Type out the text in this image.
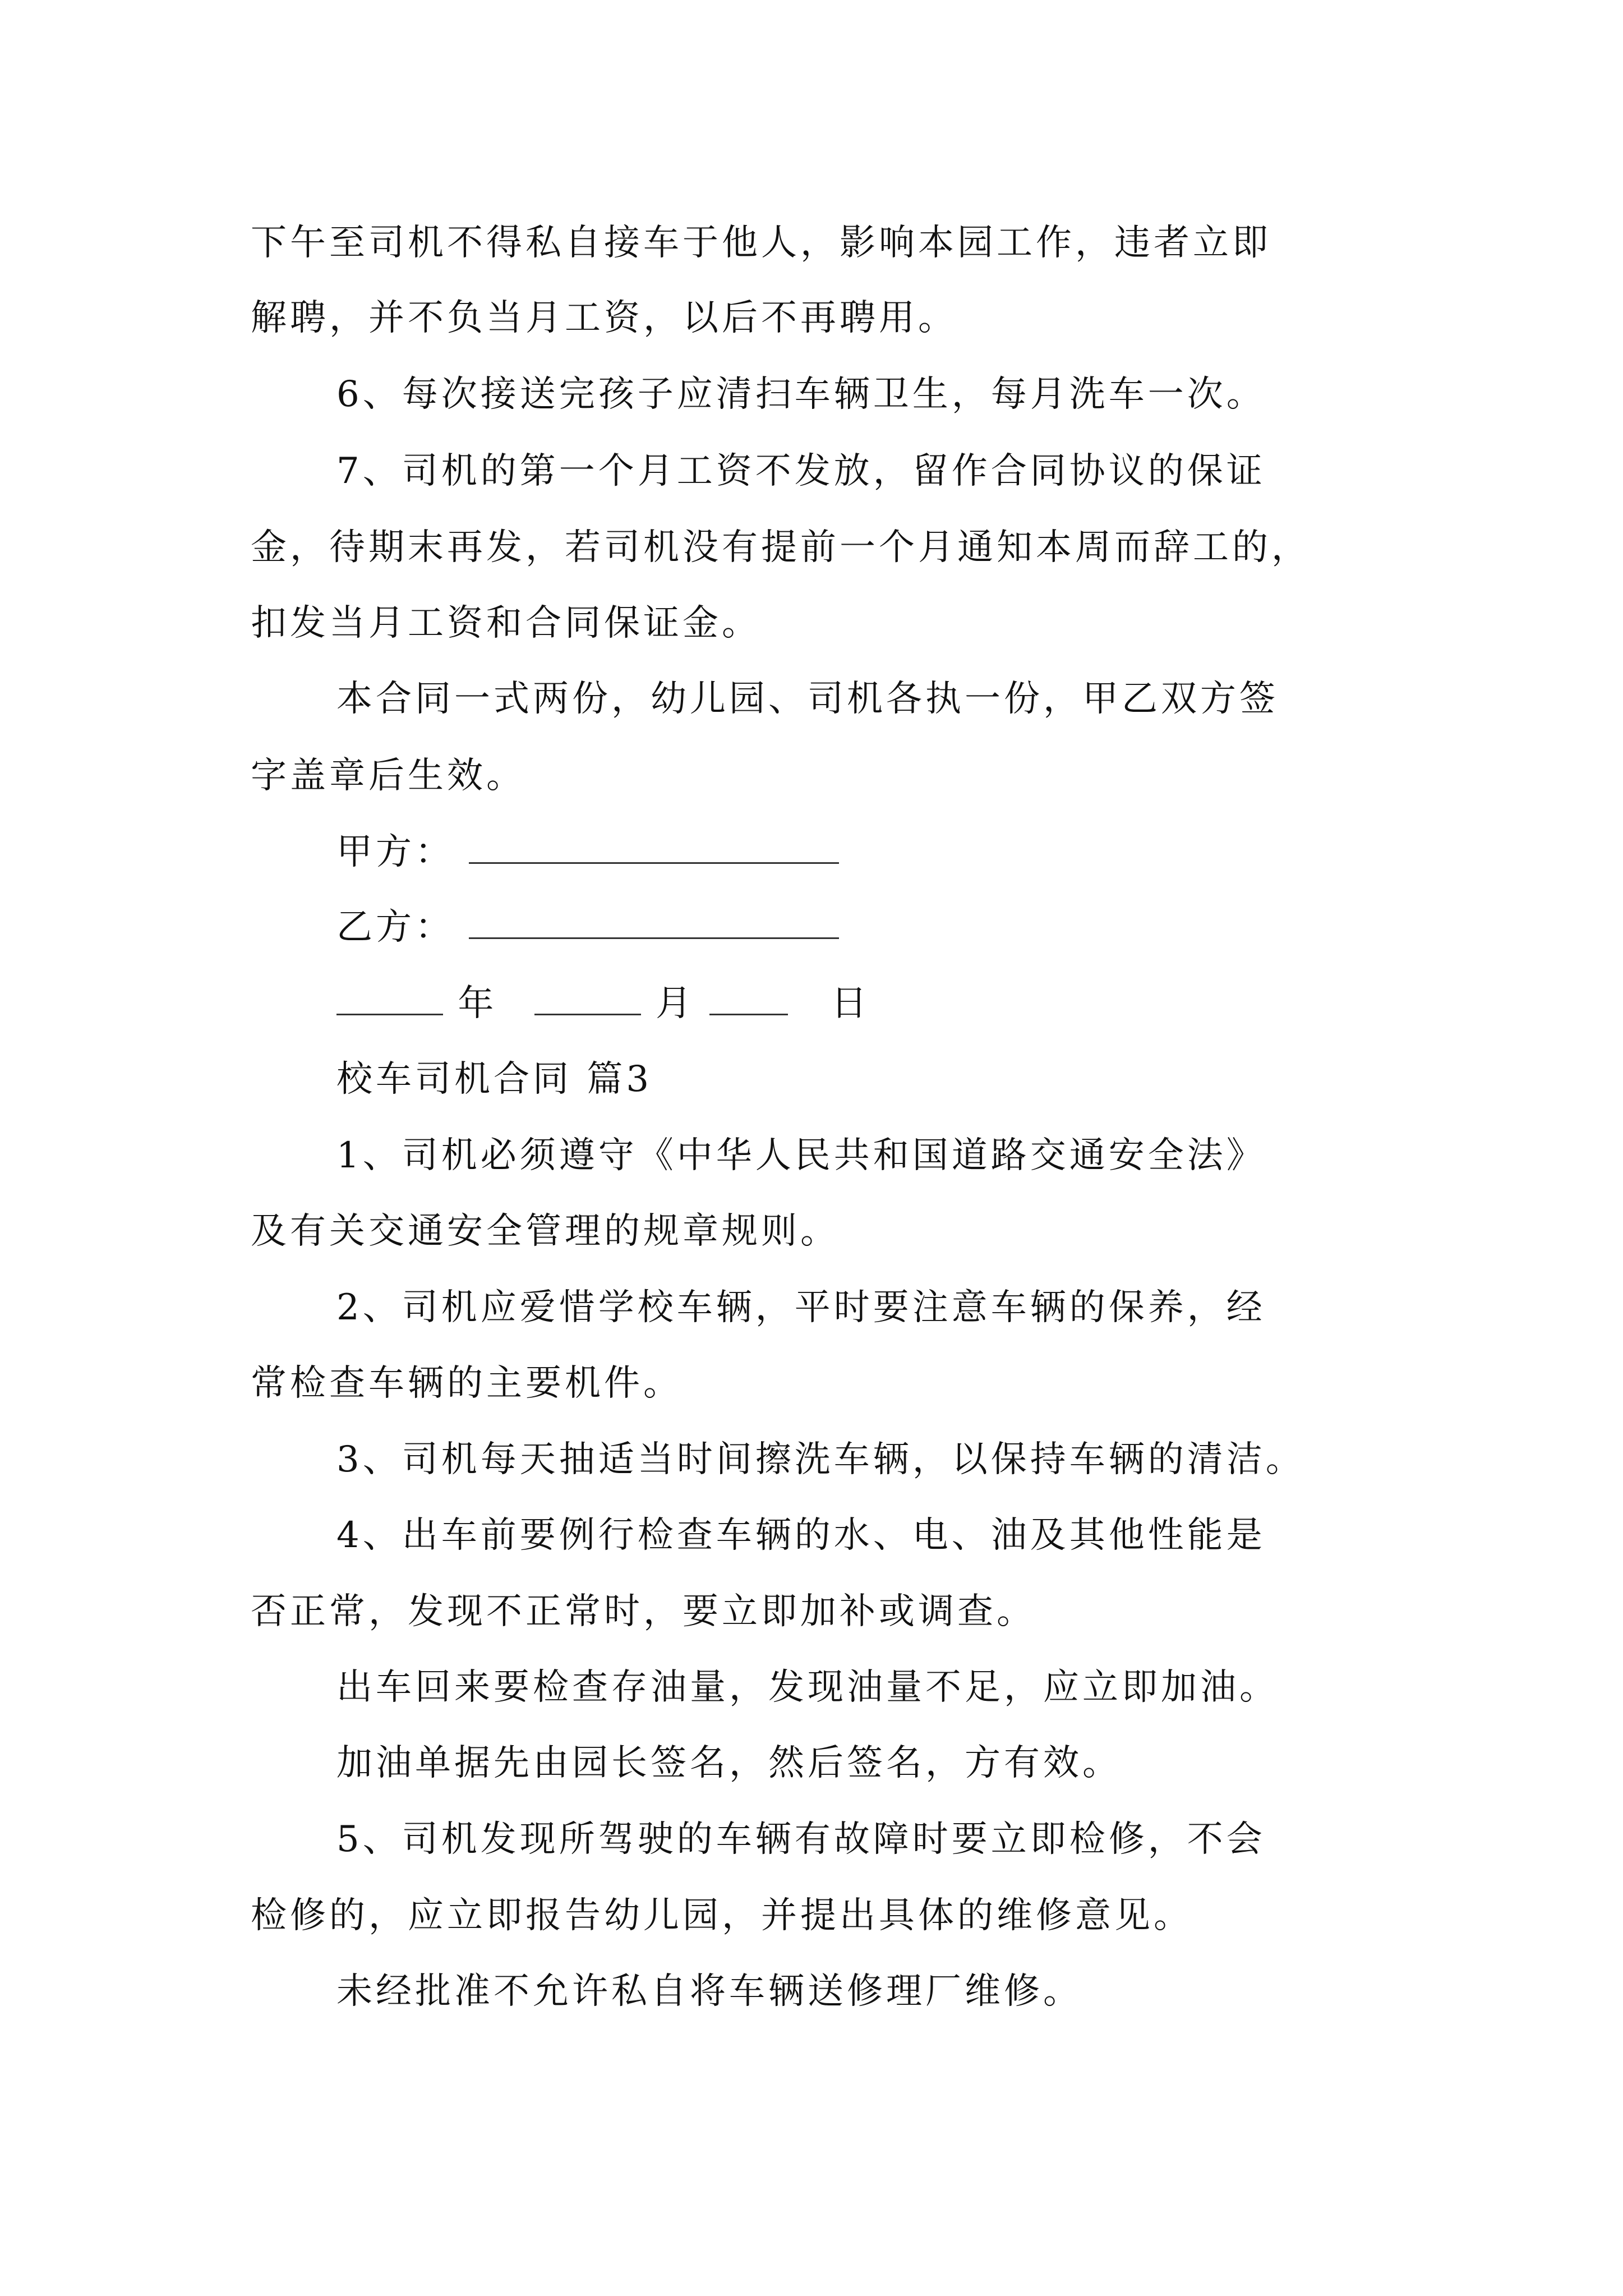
下午至司机不得私自接车于他人，影响本园工作，违者立即
解聘，并不负当月工资，以后不再聘用。
6、每次接送完孩子应清扫车辆卫生，每月洗车一次。
7、司机的第一个月工资不发放，留作合同协议的保证
金，待期末再发，若司机没有提前一个月通知本周而辞工的，
扣发当月工资和合同保证金。
本合同一式两份，幼儿园、司机各执一份，甲乙双方签
字盖章后生效。
甲方：
乙方：
年	月	日
校车司机合同 篇3
1、司机必须遵守《中华人民共和国道路交通安全法》
及有关交通安全管理的规章规则。
2、司机应爱惜学校车辆，平时要注意车辆的保养，经
常检查车辆的主要机件。
3、司机每天抽适当时间擦洗车辆，以保持车辆的清洁。
4、出车前要例行检查车辆的水、电、油及其他性能是
否正常，发现不正常时，要立即加补或调查。
出车回来要检查存油量，发现油量不足，应立即加油。
加油单据先由园长签名，然后签名，方有效。
5、司机发现所驾驶的车辆有故障时要立即检修，不会
检修的，应立即报告幼儿园，并提出具体的维修意见。
未经批准不允许私自将车辆送修理厂维修。
